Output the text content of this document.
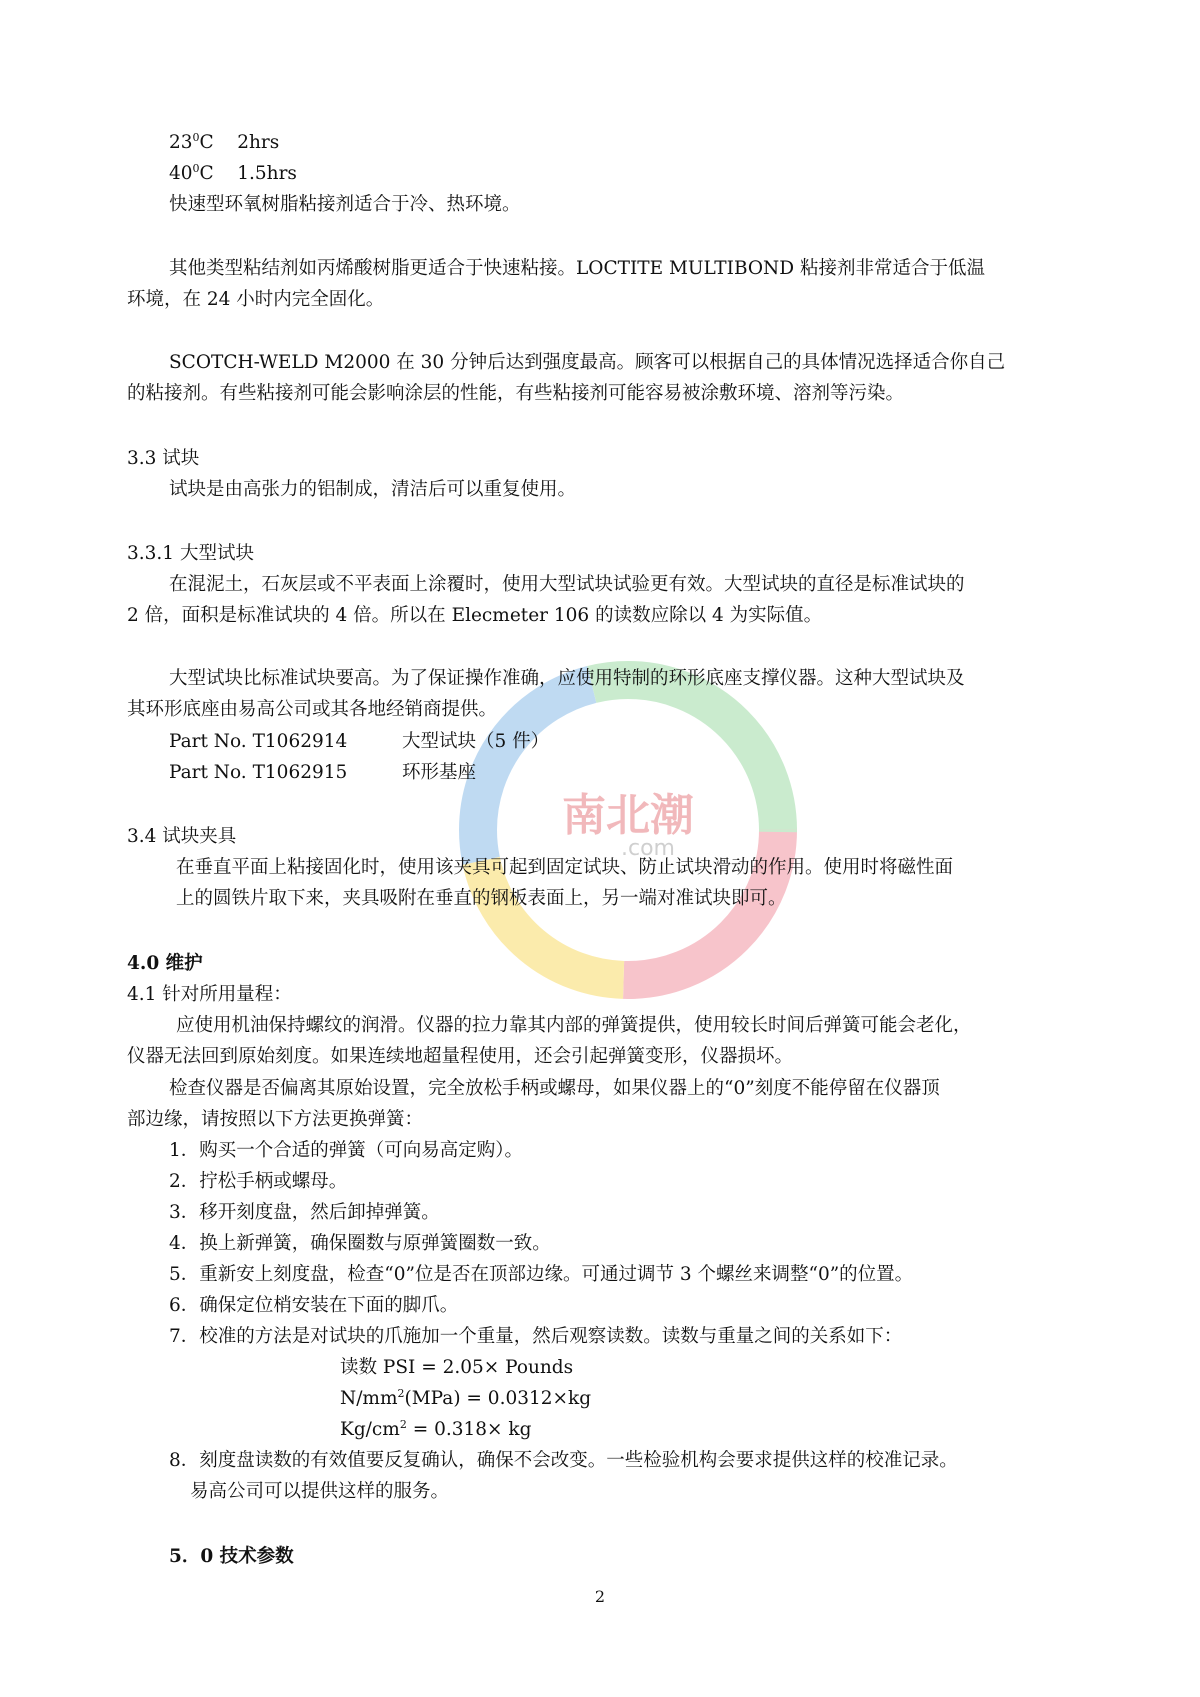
南北潮
.com
$23^0C$ 2hrs
$40^0C$ 1.5hrs
快速型环氧树脂粘接剂适合于冷、热环境。
其他类型粘结剂如丙烯酸树脂更适合于快速粘接。LOCTITE MULTIBOND 粘接剂非常适合于低温
环境，在 24 小时内完全固化。
SCOTCH-WELD M2000 在 30 分钟后达到强度最高。顾客可以根据自己的具体情况选择适合你自己
的粘接剂。有些粘接剂可能会影响涂层的性能，有些粘接剂可能容易被涂敷环境、溶剂等污染。
3.3 试块
试块是由高张力的铝制成，清洁后可以重复使用。
3.3.1 大型试块
在混泥土，石灰层或不平表面上涂覆时，使用大型试块试验更有效。大型试块的直径是标准试块的
2 倍，面积是标准试块的 4 倍。所以在 Elecmeter 106 的读数应除以 4 为实际值。
大型试块比标准试块要高。为了保证操作准确，应使用特制的环形底座支撑仪器。这种大型试块及
其环形底座由易高公司或其各地经销商提供。
Part No. T1062914	大型试块（5 件）
Part No. T1062915	环形基座
3.4 试块夹具
在垂直平面上粘接固化时，使用该夹具可起到固定试块、防止试块滑动的作用。使用时将磁性面
上的圆铁片取下来，夹具吸附在垂直的钢板表面上，另一端对准试块即可。
4.0 维护
4.1 针对所用量程：
应使用机油保持螺纹的润滑。仪器的拉力靠其内部的弹簧提供，使用较长时间后弹簧可能会老化，
仪器无法回到原始刻度。如果连续地超量程使用，还会引起弹簧变形，仪器损坏。
检查仪器是否偏离其原始设置，完全放松手柄或螺母，如果仪器上的“0”刻度不能停留在仪器顶
部边缘，请按照以下方法更换弹簧：
1．购买一个合适的弹簧（可向易高定购）。
2．拧松手柄或螺母。
3．移开刻度盘，然后卸掉弹簧。
4．换上新弹簧，确保圈数与原弹簧圈数一致。
5．重新安上刻度盘，检查“0”位是否在顶部边缘。可通过调节 3 个螺丝来调整“0”的位置。
6．确保定位梢安装在下面的脚爪。
7．校准的方法是对试块的爪施加一个重量，然后观察读数。读数与重量之间的关系如下：
读数 PSI = 2.05× Pounds
$N/mm^2(MPa) = 0.0312\times kg$
$Kg/cm^2 = 0.318\times$ kg
8．刻度盘读数的有效值要反复确认，确保不会改变。一些检验机构会要求提供这样的校准记录。
易高公司可以提供这样的服务。
5．0 技术参数
2
